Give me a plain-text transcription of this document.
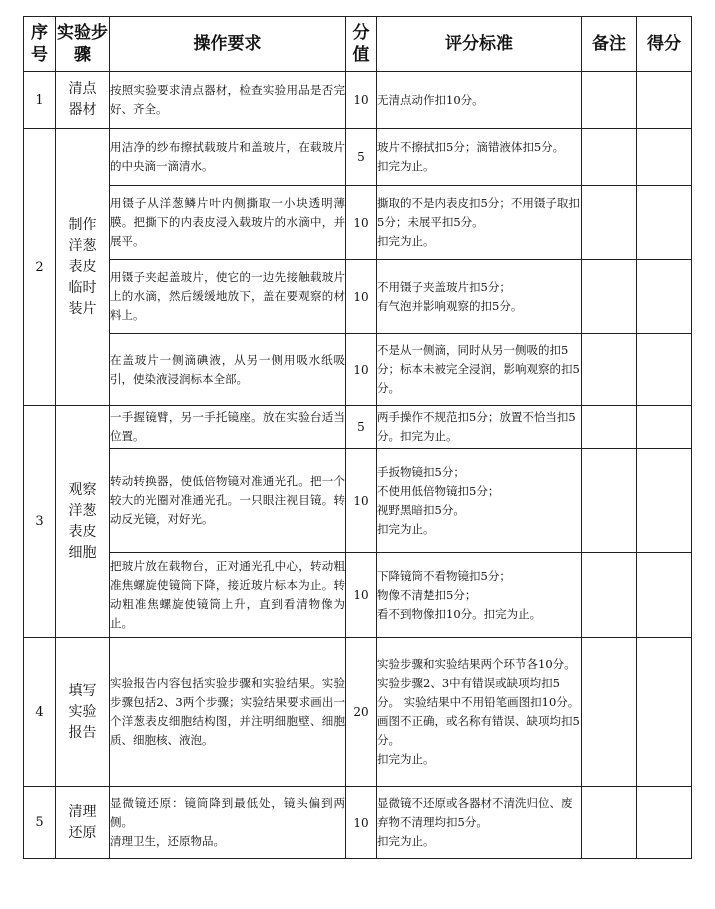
序号	实验步骤	操作要求	分值	评分标准	备注	得分
1	清点器材	按照实验要求清点器材，检查实验用品是否完好、齐全。	10	无清点动作扣10分。		

2	制作洋葱表皮临时装片	用洁净的纱布擦拭载玻片和盖玻片，在载玻片的中央滴一滴清水。	5	玻片不擦拭扣5分；滴错液体扣5分。
扣完为止。		

		用镊子从洋葱鳞片叶内侧撕取一小块透明薄膜。把撕下的内表皮浸入载玻片的水滴中，并展平。	10	撕取的不是内表皮扣5分；不用镊子取扣5分；未展平扣5分。
扣完为止。		

		用镊子夹起盖玻片，使它的一边先接触载玻片上的水滴，然后缓缓地放下，盖在要观察的材料上。	10	不用镊子夹盖玻片扣5分；
有气泡并影响观察的扣5分。		

		在盖玻片一侧滴碘液，从另一侧用吸水纸吸引，使染液浸润标本全部。	10	不是从一侧滴，同时从另一侧吸的扣5分；标本未被完全浸润，影响观察的扣5分。		

3	观察洋葱表皮细胞	一手握镜臂，另一手托镜座。放在实验台适当位置。	5	两手操作不规范扣5分；放置不恰当扣5分。扣完为止。		

		转动转换器，使低倍物镜对准通光孔。把一个较大的光圈对准通光孔。一只眼注视目镜。转动反光镜，对好光。	10	手扳物镜扣5分；
不使用低倍物镜扣5分；
视野黑暗扣5分。
扣完为止。		

		把玻片放在载物台，正对通光孔中心，转动粗准焦螺旋使镜筒下降，接近玻片标本为止。转动粗准焦螺旋使镜筒上升，直到看清物像为止。	10	下降镜筒不看物镜扣5分；
物像不清楚扣5分；
看不到物像扣10分。扣完为止。		

4	填写实验报告	实验报告内容包括实验步骤和实验结果。实验步骤包括2、3两个步骤；实验结果要求画出一个洋葱表皮细胞结构图，并注明细胞壁、细胞质、细胞核、液泡。	20	实验步骤和实验结果两个环节各10分。
实验步骤2、3中有错误或缺项均扣5分。 实验结果中不用铅笔画图扣10分。画图不正确，或名称有错误、缺项均扣5分。
扣完为止。		

5	清理还原	显微镜还原：镜筒降到最低处，镜头偏到两侧。
清理卫生，还原物品。	10	显微镜不还原或各器材不清洗归位、废弃物不清理均扣5分。
扣完为止。		
